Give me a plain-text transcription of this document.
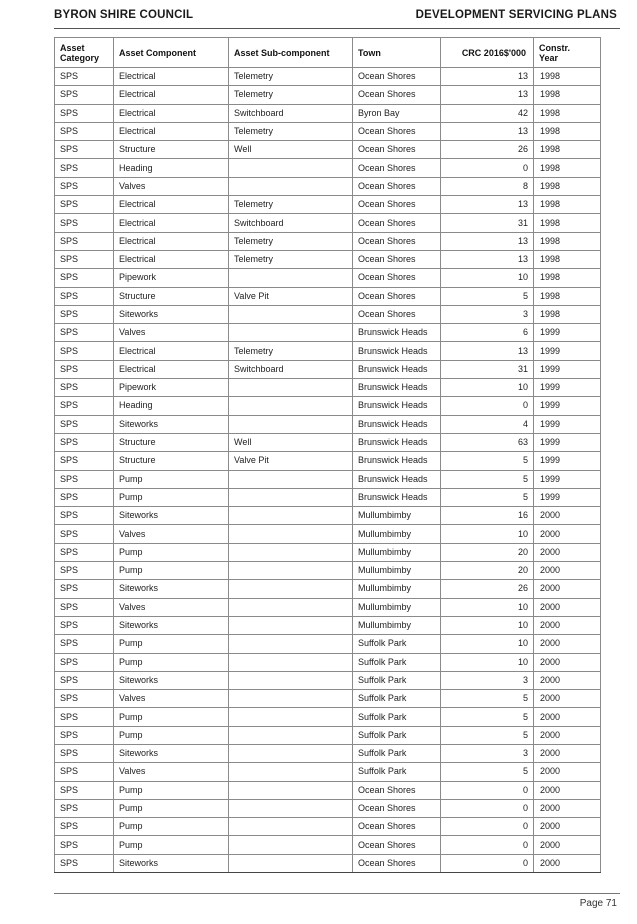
BYRON SHIRE COUNCIL	DEVELOPMENT SERVICING PLANS
Asset
Category	Asset Component	Asset Sub-component	Town	CRC 2016$'000	Constr.
Year
SPS	Electrical	Telemetry	Ocean Shores	13	1998
SPS	Electrical	Telemetry	Ocean Shores	13	1998
SPS	Electrical	Switchboard	Byron Bay	42	1998
SPS	Electrical	Telemetry	Ocean Shores	13	1998
SPS	Structure	Well	Ocean Shores	26	1998
SPS	Heading		Ocean Shores	0	1998
SPS	Valves		Ocean Shores	8	1998
SPS	Electrical	Telemetry	Ocean Shores	13	1998
SPS	Electrical	Switchboard	Ocean Shores	31	1998
SPS	Electrical	Telemetry	Ocean Shores	13	1998
SPS	Electrical	Telemetry	Ocean Shores	13	1998
SPS	Pipework		Ocean Shores	10	1998
SPS	Structure	Valve Pit	Ocean Shores	5	1998
SPS	Siteworks		Ocean Shores	3	1998
SPS	Valves		Brunswick Heads	6	1999
SPS	Electrical	Telemetry	Brunswick Heads	13	1999
SPS	Electrical	Switchboard	Brunswick Heads	31	1999
SPS	Pipework		Brunswick Heads	10	1999
SPS	Heading		Brunswick Heads	0	1999
SPS	Siteworks		Brunswick Heads	4	1999
SPS	Structure	Well	Brunswick Heads	63	1999
SPS	Structure	Valve Pit	Brunswick Heads	5	1999
SPS	Pump		Brunswick Heads	5	1999
SPS	Pump		Brunswick Heads	5	1999
SPS	Siteworks		Mullumbimby	16	2000
SPS	Valves		Mullumbimby	10	2000
SPS	Pump		Mullumbimby	20	2000
SPS	Pump		Mullumbimby	20	2000
SPS	Siteworks		Mullumbimby	26	2000
SPS	Valves		Mullumbimby	10	2000
SPS	Siteworks		Mullumbimby	10	2000
SPS	Pump		Suffolk Park	10	2000
SPS	Pump		Suffolk Park	10	2000
SPS	Siteworks		Suffolk Park	3	2000
SPS	Valves		Suffolk Park	5	2000
SPS	Pump		Suffolk Park	5	2000
SPS	Pump		Suffolk Park	5	2000
SPS	Siteworks		Suffolk Park	3	2000
SPS	Valves		Suffolk Park	5	2000
SPS	Pump		Ocean Shores	0	2000
SPS	Pump		Ocean Shores	0	2000
SPS	Pump		Ocean Shores	0	2000
SPS	Pump		Ocean Shores	0	2000
SPS	Siteworks		Ocean Shores	0	2000
Page 71
